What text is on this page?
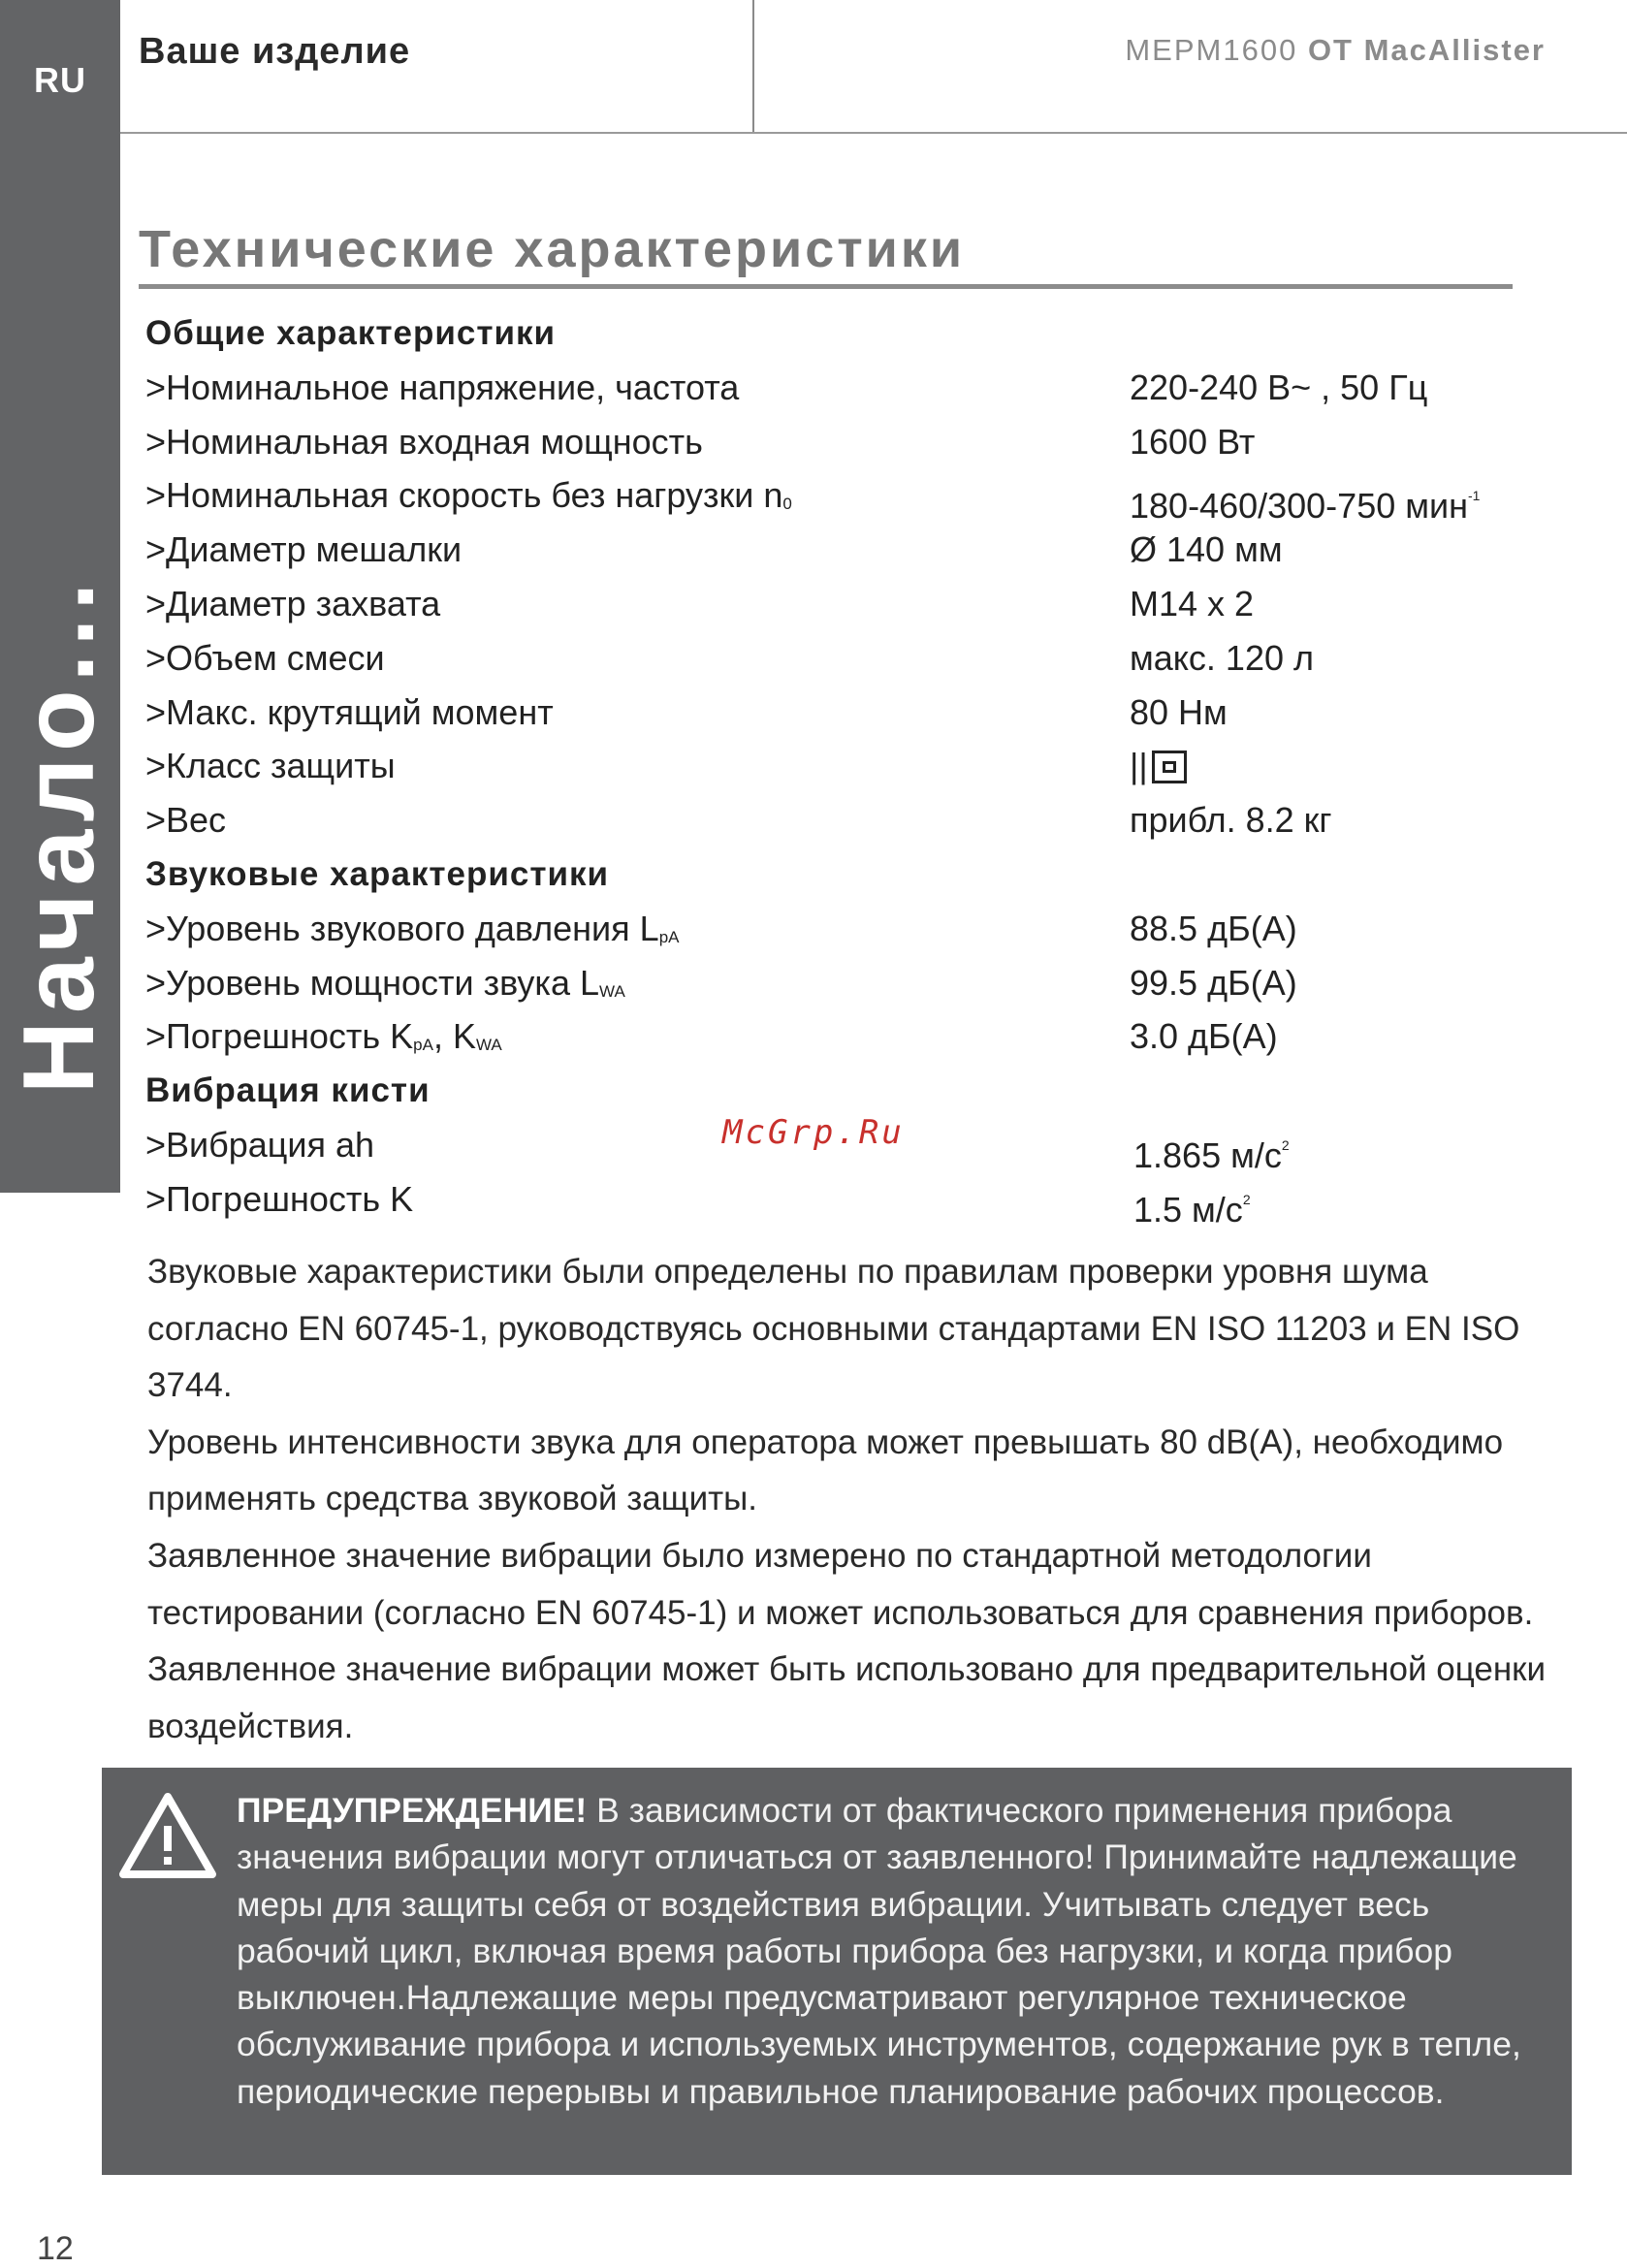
RU
Начало...
Ваше изделие	MEPM1600 ОТ MacAllister
Технические характеристики
Общие характеристики
>Номинальное напряжение, частота	220-240 В~ , 50 Гц
>Номинальная входная мощность	1600 Вт
>Номинальная скорость без нагрузки n0	180-460/300-750 мин$^{-1}$
>Диаметр мешалки	Ø 140 мм
>Диаметр захвата	M14 x 2
>Объем смеси	макс. 120 л
>Макс. крутящий момент	80 Нм
>Класс защиты	||
>Вес	прибл. 8.2 кг
Звуковые характеристики
>Уровень звукового давления LpA	88.5 дБ(A)
>Уровень мощности звука LWA	99.5 дБ(A)
>Погрешность KpA, KWA	3.0 дБ(A)
Вибрация кисти
>Вибрация ah	1.865 $м/с^2$
>Погрешность K	1.5 $м/с^2$
McGrp.Ru
Звуковые характеристики были определены по правилам проверки уровня шума согласно EN 60745-1, руководствуясь основными стандартами EN ISO 11203 и EN ISO 3744.
Уровень интенсивности звука для оператора может превышать 80 dB(A), необходимо применять средства звуковой защиты.
Заявленное значение вибрации было измерено по стандартной методологии тестировании (согласно EN 60745-1) и может использоваться для сравнения приборов. Заявленное значение вибрации может быть использовано для предварительной оценки воздействия.
ПРЕДУПРЕЖДЕНИЕ! В зависимости от фактического применения прибора значения вибрации могут отличаться от заявленного! Принимайте надлежащие меры для защиты себя от воздействия вибрации. Учитывать следует весь рабочий цикл, включая время работы прибора без нагрузки, и когда прибор выключен.Надлежащие меры предусматривают регулярное техническое обслуживание прибора и используемых инструментов, содержание рук в тепле, периодические перерывы и правильное планирование рабочих процессов.
12
